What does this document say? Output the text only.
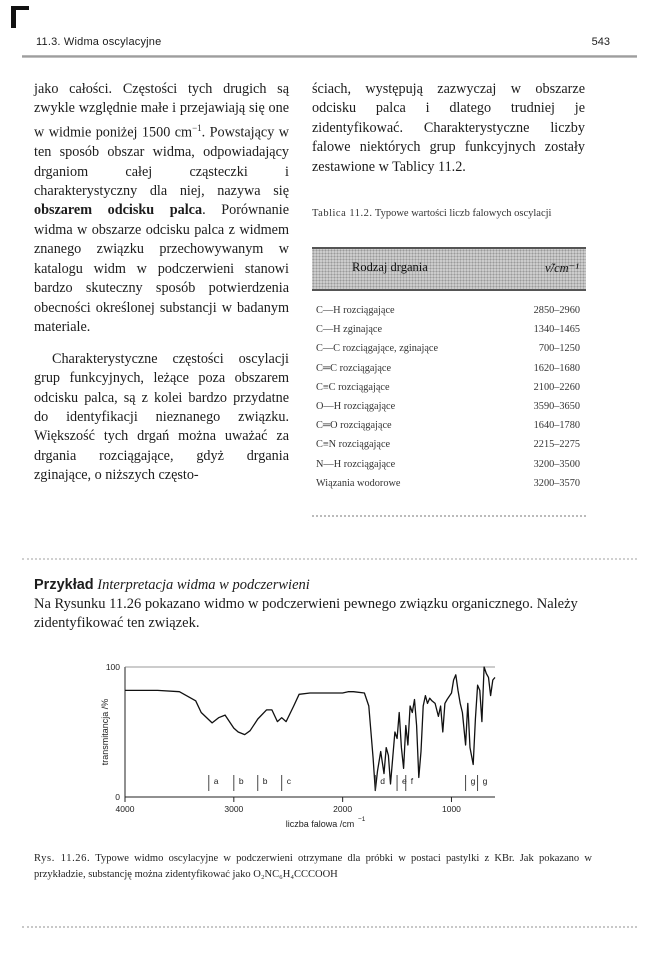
11.3. Widma oscylacyjne	543

jako całości. Częstości tych drugich są zwykle względnie małe i przejawiają się one w widmie poniżej 1500 $cm^{-1}$. Powstający w ten sposób obszar widma, odpowiadający drganiom całej cząsteczki i charakterystyczny dla niej, nazywa się obszarem odcisku palca. Porównanie widma w obszarze odcisku palca z widmem znanego związku przechowywanym w katalogu widm w podczerwieni stanowi bardzo skuteczny sposób potwierdzenia obecności określonej substancji w badanym materiale.

Charakterystyczne częstości oscylacji grup funkcyjnych, leżące poza obszarem odcisku palca, są z kolei bardzo przydatne do identyfikacji nieznanego związku. Większość tych drgań można uważać za drgania rozciągające, gdyż drgania zginające, o niższych często-

ściach, występują zazwyczaj w obszarze odcisku palca i dlatego trudniej je zidentyfikować. Charakterystyczne liczby falowe niektórych grup funkcyjnych zostały zestawione w Tablicy 11.2.

Tablica 11.2. Typowe wartości liczb falowych oscylacji
Rodzaj drgania	ν̃/cm⁻¹
C—H rozciągające	2850–2960
C—H zginające	1340–1465
C—C rozciągające, zginające	700–1250
C═C rozciągające	1620–1680
C≡C rozciągające	2100–2260
O—H rozciągające	3590–3650
C═O rozciągające	1640–1780
C≡N rozciągające	2215–2275
N—H rozciągające	3200–3500
Wiązania wodorowe	3200–3570

Przykład Interpretacja widma w podczerwieni

Na Rysunku 11.26 pokazano widmo w podczerwieni pewnego związku organicznego. Należy zidentyfikować ten związek.

0
100
4000	3000	2000	1000
transmitancja /%
liczba falowa /cm −1
a b b c	d e f	g g
Rys. 11.26. Typowe widmo oscylacyjne w podczerwieni otrzymane dla próbki w postaci pastylki z KBr. Jak pokazano w przykładzie, substancję można zidentyfikować jako O₂NC₆H₄CCCOOH
